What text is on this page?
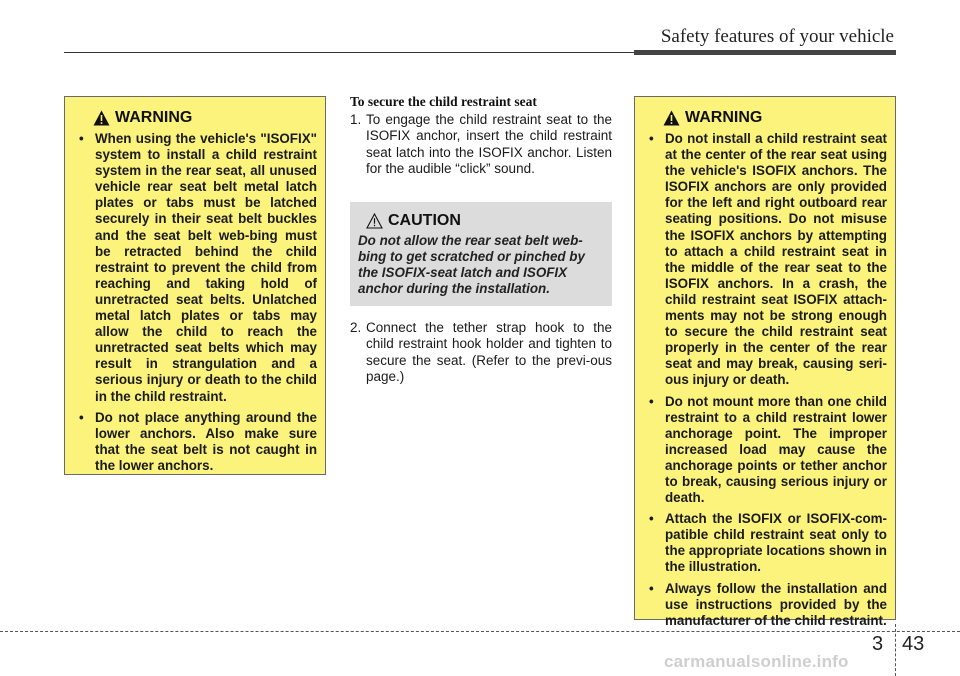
Safety features of your vehicle
WARNING
• When using the vehicle's "ISOFIX" system to install a child restraint system in the rear seat, all unused vehicle rear seat belt metal latch plates or tabs must be latched securely in their seat belt buckles and the seat belt web-bing must be retracted behind the child restraint to prevent the child from reaching and taking hold of unretracted seat belts. Unlatched metal latch plates or tabs may allow the child to reach the unretracted seat belts which may result in strangulation and a serious injury or death to the child in the child restraint.
• Do not place anything around the lower anchors. Also make sure that the seat belt is not caught in the lower anchors.
To secure the child restraint seat
1. To engage the child restraint seat to the ISOFIX anchor, insert the child restraint seat latch into the ISOFIX anchor. Listen for the audible “click” sound.
CAUTION
Do not allow the rear seat belt web-bing to get scratched or pinched by the ISOFIX-seat latch and ISOFIX anchor during the installation.
2. Connect the tether strap hook to the child restraint hook holder and tighten to secure the seat. (Refer to the previ-ous page.)
WARNING
• Do not install a child restraint seat at the center of the rear seat using the vehicle's ISOFIX anchors. The ISOFIX anchors are only provided for the left and right outboard rear seating positions. Do not misuse the ISOFIX anchors by attempting to attach a child restraint seat in the middle of the rear seat to the ISOFIX anchors. In a crash, the child restraint seat ISOFIX attach-ments may not be strong enough to secure the child restraint seat properly in the center of the rear seat and may break, causing seri-ous injury or death.
• Do not mount more than one child restraint to a child restraint lower anchorage point. The improper increased load may cause the anchorage points or tether anchor to break, causing serious injury or death.
• Attach the ISOFIX or ISOFIX-com-patible child restraint seat only to the appropriate locations shown in the illustration.
• Always follow the installation and use instructions provided by the manufacturer of the child restraint.
3 43
carmanualsonline.info
